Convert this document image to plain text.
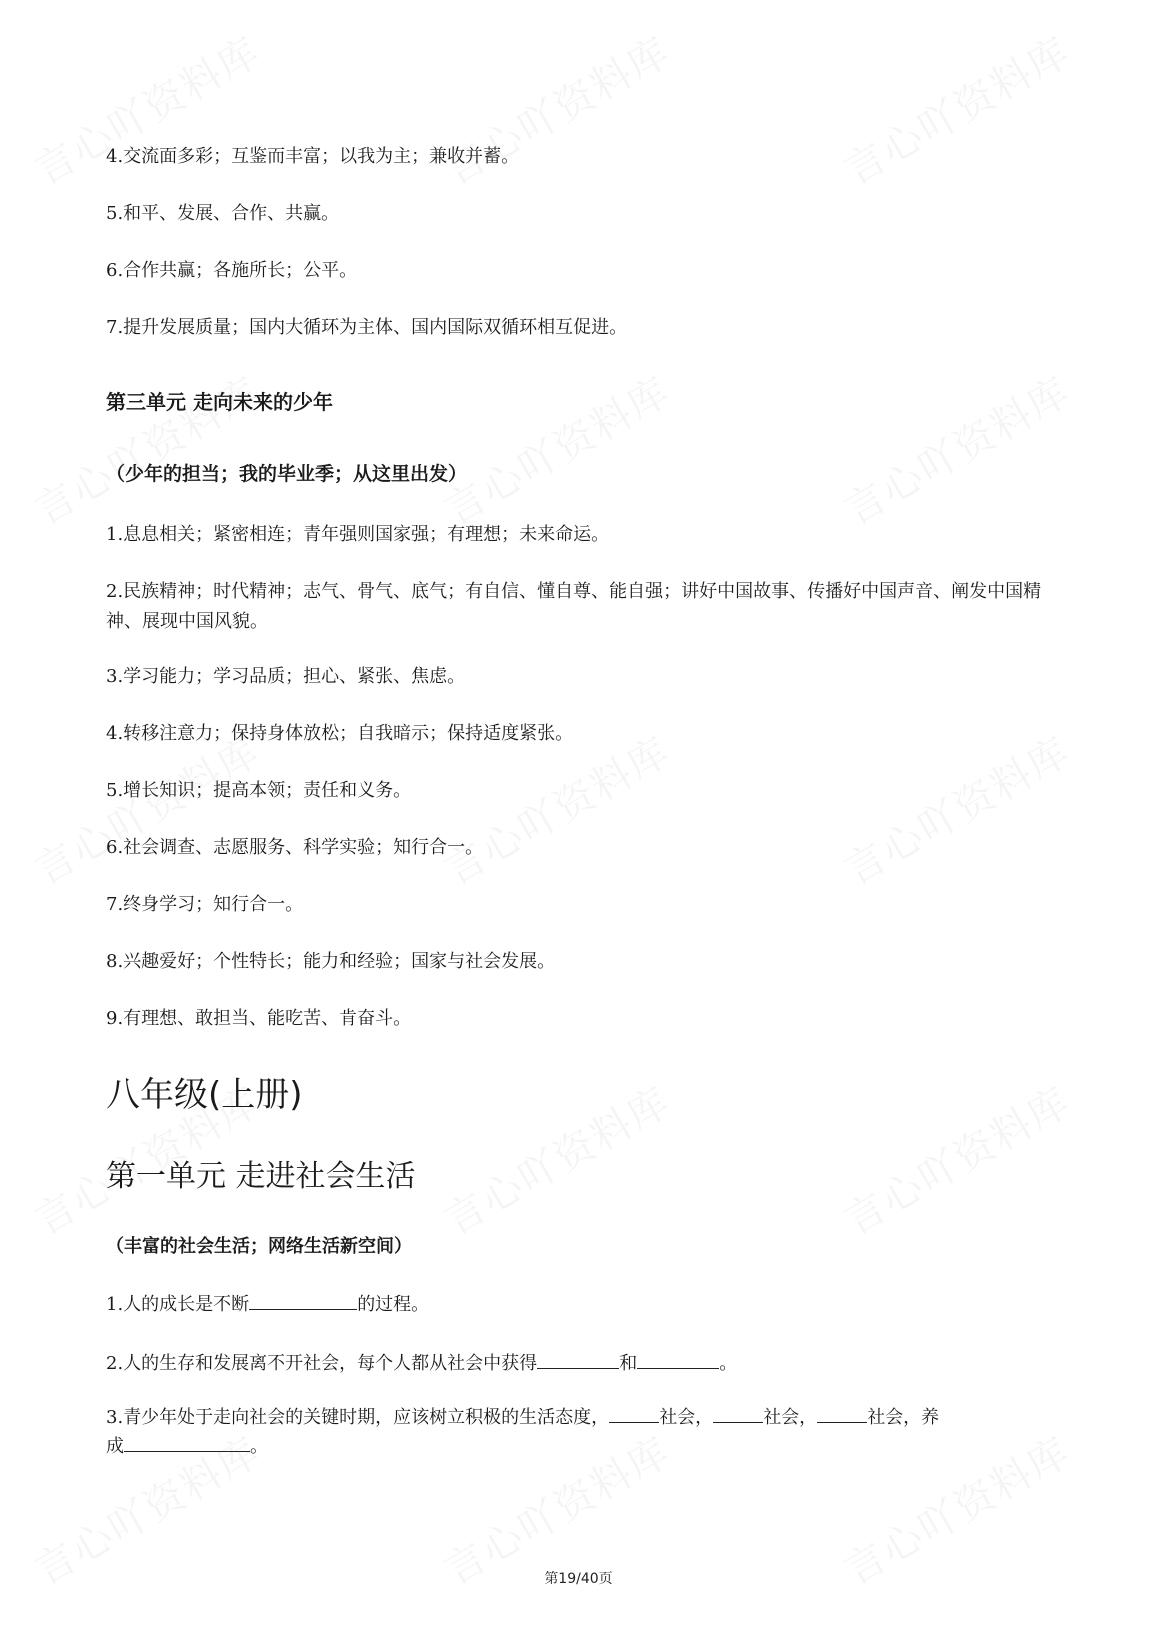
4.交流面多彩；互鉴而丰富；以我为主；兼收并蓄。
5.和平、发展、合作、共赢。
6.合作共赢；各施所长；公平。
7.提升发展质量；国内大循环为主体、国内国际双循环相互促进。
第三单元 走向未来的少年
（少年的担当；我的毕业季；从这里出发）
1.息息相关；紧密相连；青年强则国家强；有理想；未来命运。
2.民族精神；时代精神；志气、骨气、底气；有自信、懂自尊、能自强；讲好中国故事、传播好中国声音、阐发中国精神、展现中国风貌。
3.学习能力；学习品质；担心、紧张、焦虑。
4.转移注意力；保持身体放松；自我暗示；保持适度紧张。
5.增长知识；提高本领；责任和义务。
6.社会调查、志愿服务、科学实验；知行合一。
7.终身学习；知行合一。
8.兴趣爱好；个性特长；能力和经验；国家与社会发展。
9.有理想、敢担当、能吃苦、肯奋斗。
八年级(上册)
第一单元 走进社会生活
（丰富的社会生活；网络生活新空间）
1.人的成长是不断	的过程。
2.人的生存和发展离不开社会，每个人都从社会中获得	和	。
3.青少年处于走向社会的关键时期，应该树立积极的生活态度，	社会，	社会，	社会，养
成	。
第19/40页
